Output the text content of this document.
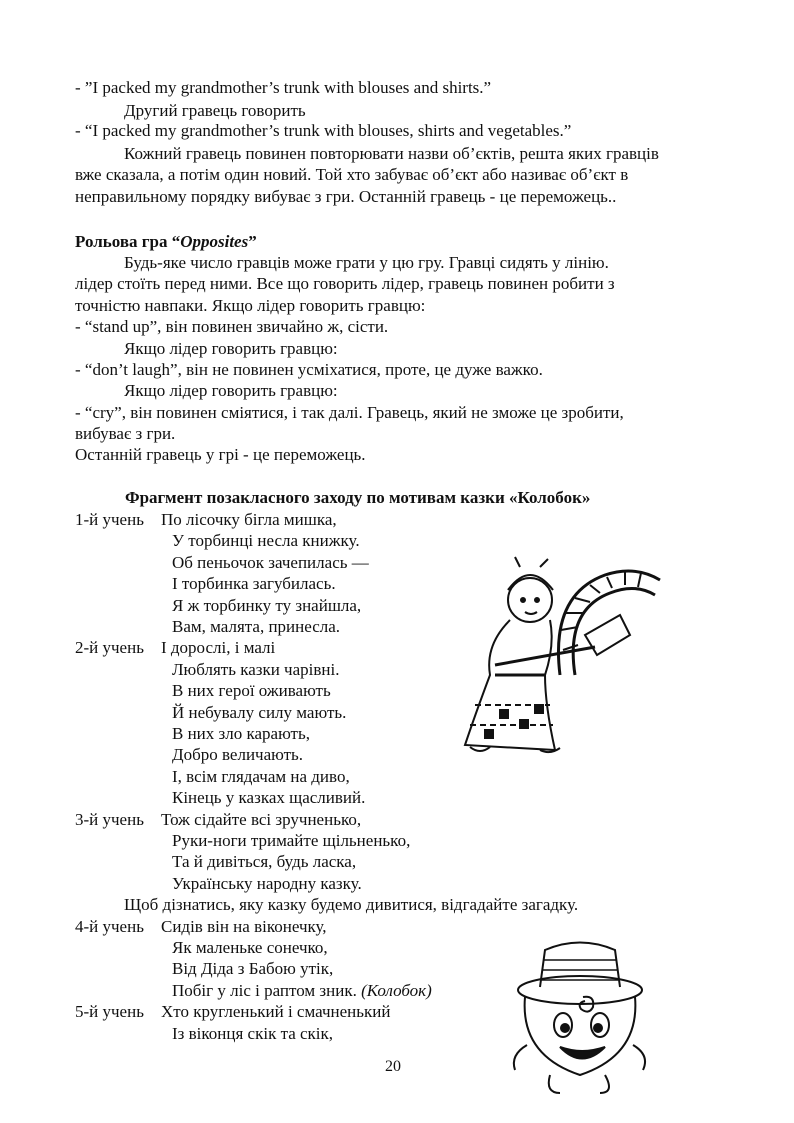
- ”I packed my grandmother’s trunk with blouses and shirts.”
Другий гравець говорить
- “I packed my grandmother’s trunk with blouses, shirts and vegetables.”
Кожний гравець повинен повторювати назви об’єктів, решта яких гравців
вже сказала, а потім один новий. Той хто забуває об’єкт або називає об’єкт в
неправильному порядку вибуває з гри. Останній гравець - це переможець..
Рольова гра “Opposites”
Будь-яке число гравців може грати у цю гру. Гравці сидять у лінію.
лідер стоїть перед ними. Все що говорить лідер, гравець повинен робити з
точністю навпаки. Якщо лідер говорить гравцю:
- “stand up”, він повинен звичайно ж, сісти.
Якщо лідер говорить гравцю:
- “don’t laugh”, він не повинен усміхатися, проте, це дуже важко.
Якщо лідер говорить гравцю:
- “cry”, він повинен сміятися, і так далі. Гравець, який не зможе це зробити,
вибуває з гри.
Останній гравець у грі - це переможець.
Фрагмент позакласного заходу по мотивам казки «Колобок»
1-й учень По лісочку бігла мишка,
У торбинці несла книжку.
Об пеньочок зачепилась —
І торбинка загубилась.
Я ж торбинку ту знайшла,
Вам, малята, принесла.
2-й учень І дорослі, і малі
Люблять казки чарівні.
В них герої оживають
Й небувалу силу мають.
В них зло карають,
Добро величають.
І, всім глядачам на диво,
Кінець у казках щасливий.
3-й учень Тож сідайте всі зручненько,
Руки-ноги тримайте щільненько,
Та й дивіться, будь ласка,
Українську народну казку.
Щоб дізнатись, яку казку будемо дивитися, відгадайте загадку.
4-й учень Сидів він на віконечку,
Як маленьке сонечко,
Від Діда з Бабою утік,
Побіг у ліс і раптом зник. (Колобок)
5-й учень Хто кругленький і смачненький
Із віконця скік та скік,
20
